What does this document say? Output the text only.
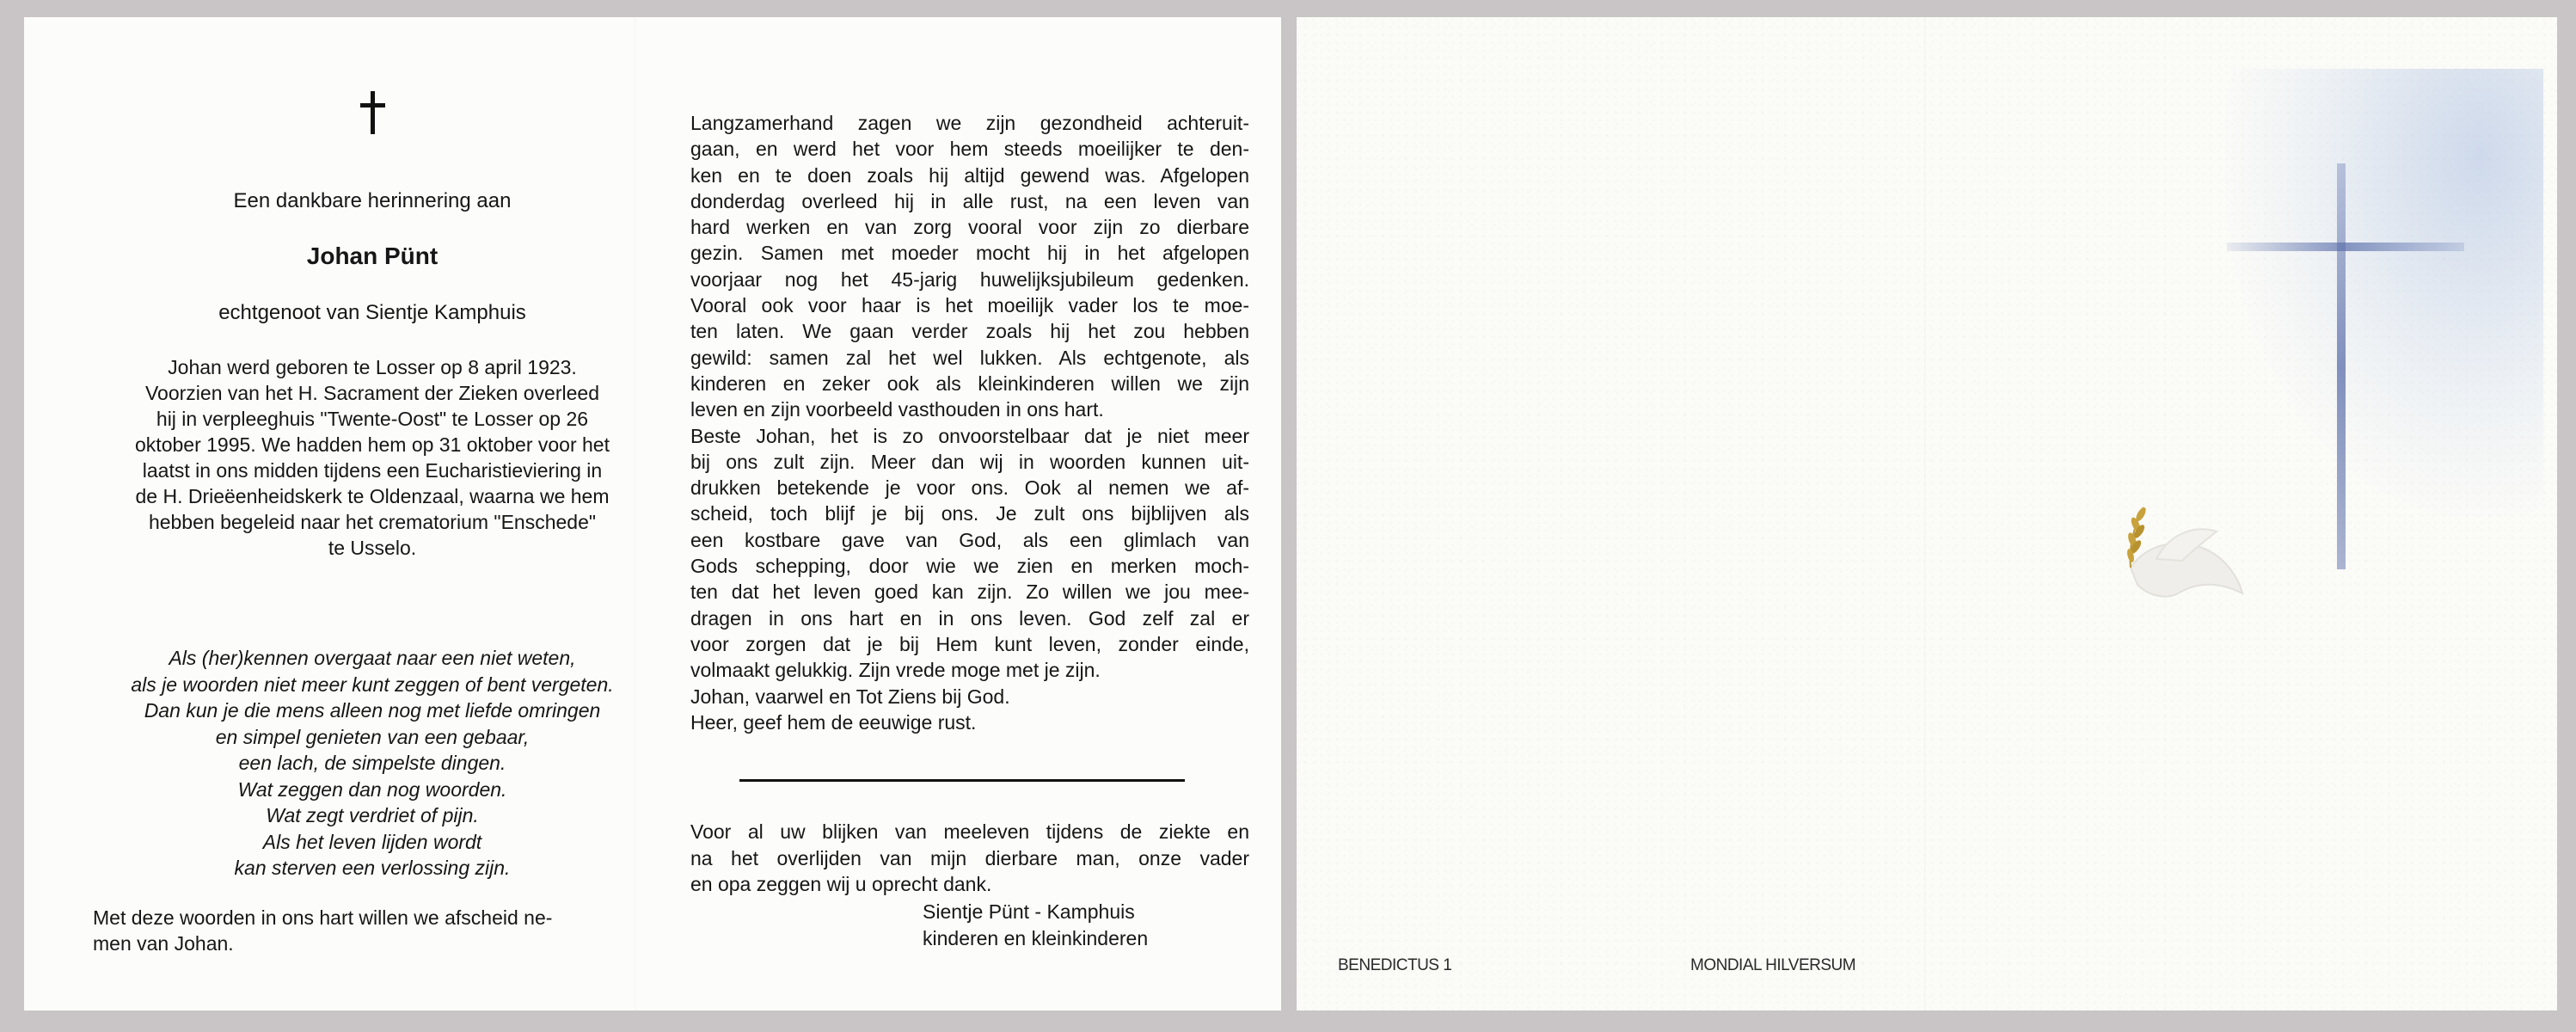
Een dankbare herinnering aan
Johan Pünt
echtgenoot van Sientje Kamphuis
Johan werd geboren te Losser op 8 april 1923.
Voorzien van het H. Sacrament der Zieken overleed
hij in verpleeghuis "Twente-Oost" te Losser op 26
oktober 1995. We hadden hem op 31 oktober voor het
laatst in ons midden tijdens een Eucharistieviering in
de H. Drieëenheidskerk te Oldenzaal, waarna we hem
hebben begeleid naar het crematorium "Enschede"
te Usselo.
Als (her)kennen overgaat naar een niet weten,
als je woorden niet meer kunt zeggen of bent vergeten.
Dan kun je die mens alleen nog met liefde omringen
en simpel genieten van een gebaar,
een lach, de simpelste dingen.
Wat zeggen dan nog woorden.
Wat zegt verdriet of pijn.
Als het leven lijden wordt
kan sterven een verlossing zijn.
Met deze woorden in ons hart willen we afscheid ne-
men van Johan.
Langzamerhand zagen we zijn gezondheid achteruit-
gaan, en werd het voor hem steeds moeilijker te den-
ken en te doen zoals hij altijd gewend was. Afgelopen
donderdag overleed hij in alle rust, na een leven van
hard werken en van zorg vooral voor zijn zo dierbare
gezin. Samen met moeder mocht hij in het afgelopen
voorjaar nog het 45-jarig huwelijksjubileum gedenken.
Vooral ook voor haar is het moeilijk vader los te moe-
ten laten. We gaan verder zoals hij het zou hebben
gewild: samen zal het wel lukken. Als echtgenote, als
kinderen en zeker ook als kleinkinderen willen we zijn
leven en zijn voorbeeld vasthouden in ons hart.
Beste Johan, het is zo onvoorstelbaar dat je niet meer
bij ons zult zijn. Meer dan wij in woorden kunnen uit-
drukken betekende je voor ons. Ook al nemen we af-
scheid, toch blijf je bij ons. Je zult ons bijblijven als
een kostbare gave van God, als een glimlach van
Gods schepping, door wie we zien en merken moch-
ten dat het leven goed kan zijn. Zo willen we jou mee-
dragen in ons hart en in ons leven. God zelf zal er
voor zorgen dat je bij Hem kunt leven, zonder einde,
volmaakt gelukkig. Zijn vrede moge met je zijn.
Johan, vaarwel en Tot Ziens bij God.
Heer, geef hem de eeuwige rust.
Voor al uw blijken van meeleven tijdens de ziekte en
na het overlijden van mijn dierbare man, onze vader
en opa zeggen wij u oprecht dank.
Sientje Pünt - Kamphuis
kinderen en kleinkinderen
BENEDICTUS 1	MONDIAL HILVERSUM
